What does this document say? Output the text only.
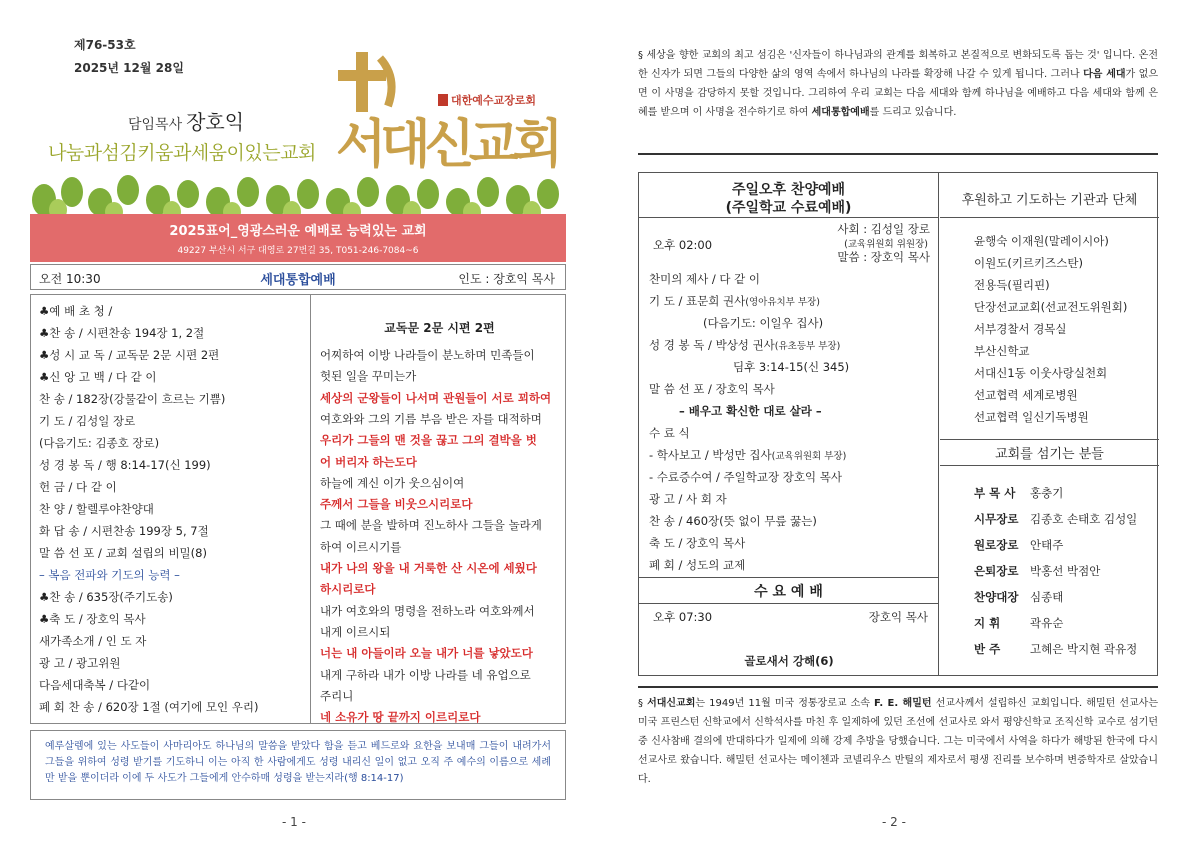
제76-53호
2025년 12월 28일
담임목사 장호익
나눔과섬김키움과세움이있는교회 서대신교회
대한예수교장로회
2025표어_영광스러운 예배로 능력있는 교회
49227 부산시 서구 대영로 27번길 35, T051-246-7084~6
오전 10:30	세대통합예배	인도 : 장호익 목사
♣예 배 초 청 /
♣찬 송 / 시편찬송 194장 1, 2절
♣성 시 교 독 / 교독문 2문 시편 2편
♣신 앙 고 백 / 다 같 이
찬 송 / 182장(강물같이 흐르는 기쁨)
기 도 / 김성일 장로
(다음기도: 김종호 장로)
성 경 봉 독 / 행 8:14-17(신 199)
헌 금 / 다 같 이
찬 양 / 할렐루야찬양대
화 답 송 / 시편찬송 199장 5, 7절
말 씀 선 포 / 교회 설립의 비밀(8)
– 복음 전파와 기도의 능력 –
♣찬 송 / 635장(주기도송)
♣축 도 / 장호익 목사
새가족소개 / 인 도 자
광 고 / 광고위원
다음세대축복 / 다같이
폐 회 찬 송 / 620장 1절 (여기에 모인 우리)
교독문 2문 시편 2편
어찌하여 이방 나라들이 분노하며 민족들이
헛된 일을 꾸미는가
세상의 군왕들이 나서며 관원들이 서로 꾀하여
여호와와 그의 기름 부음 받은 자를 대적하며
우리가 그들의 맨 것을 끊고 그의 결박을 벗
어 버리자 하는도다
하늘에 계신 이가 웃으심이여
주께서 그들을 비웃으시리로다
그 때에 분을 발하며 진노하사 그들을 놀라게
하여 이르시기를
내가 나의 왕을 내 거룩한 산 시온에 세웠다
하시리로다
내가 여호와의 명령을 전하노라 여호와께서
내게 이르시되
너는 내 아들이라 오늘 내가 너를 낳았도다
내게 구하라 내가 이방 나라를 네 유업으로
주리니
네 소유가 땅 끝까지 이르리로다
예루살렘에 있는 사도들이 사마리아도 하나님의 말씀을 받았다 함을 듣고 베드로와 요한을 보내매 그들이 내려가서 그들을 위하여 성령 받기를 기도하니 이는 아직 한 사람에게도 성령 내리신 일이 없고 오직 주 예수의 이름으로 세례만 받을 뿐이더라 이에 두 사도가 그들에게 안수하매 성령을 받는지라(행 8:14-17)
- 1 -
§ 세상을 향한 교회의 최고 섬김은 '신자들이 하나님과의 관계를 회복하고 본질적으로 변화되도록 돕는 것' 입니다. 온전한 신자가 되면 그들의 다양한 삶의 영역 속에서 하나님의 나라를 확장해 나갈 수 있게 됩니다. 그러나 다음 세대가 없으면 이 사명을 감당하지 못할 것입니다. 그리하여 우리 교회는 다음 세대와 함께 하나님을 예배하고 다음 세대와 함께 은혜를 받으며 이 사명을 전수하기로 하여 세대통합예배를 드리고 있습니다.
주일오후 찬양예배
(주일학교 수료예배)
오후 02:00
사회 : 김성일 장로
(교육위원회 위원장)
말씀 : 장호익 목사
찬미의 제사 / 다 같 이
기 도 / 표문희 권사(영아유치부 부장)
(다음기도: 이일우 집사)
성 경 봉 독 / 박상성 권사(유초등부 부장)
딤후 3:14-15(신 345)
말 씀 선 포 / 장호익 목사
– 배우고 확신한 대로 살라 –
수 료 식
- 학사보고 / 박성만 집사(교육위원회 부장)
- 수료증수여 / 주일학교장 장호익 목사
광 고 / 사 회 자
찬 송 / 460장(뜻 없이 무릎 꿇는)
축 도 / 장호익 목사
폐 회 / 성도의 교제
수 요 예 배
오후 07:30	장호익 목사
골로새서 강해(6)
후원하고 기도하는 기관과 단체
윤행숙 이재원(말레이시아)
이원도(키르키즈스탄)
전용득(필리핀)
단장선교교회(선교전도위원회)
서부경찰서 경목실
부산신학교
서대신1동 이웃사랑실천회
선교협력 세계로병원
선교협력 일신기독병원
교회를 섬기는 분들
부 목 사 홍충기
시무장로 김종호 손태호 김성일
원로장로 안태주
은퇴장로 박홍선 박점안
찬양대장 심종태
지 휘	곽유순
반 주	고혜은 박지현 곽유정
§ 서대신교회는 1949년 11월 미국 정통장로교 소속 F. E. 해밀턴 선교사께서 설립하신 교회입니다. 해밀턴 선교사는 미국 프린스턴 신학교에서 신학석사를 마친 후 일제하에 있던 조선에 선교사로 와서 평양신학교 조직신학 교수로 섬기던 중 신사참배 결의에 반대하다가 일제에 의해 강제 추방을 당했습니다. 그는 미국에서 사역을 하다가 해방된 한국에 다시 선교사로 왔습니다. 해밀턴 선교사는 메이첸과 코넬리우스 반틸의 제자로서 평생 진리를 보수하며 변증학자로 살았습니다.
- 2 -
